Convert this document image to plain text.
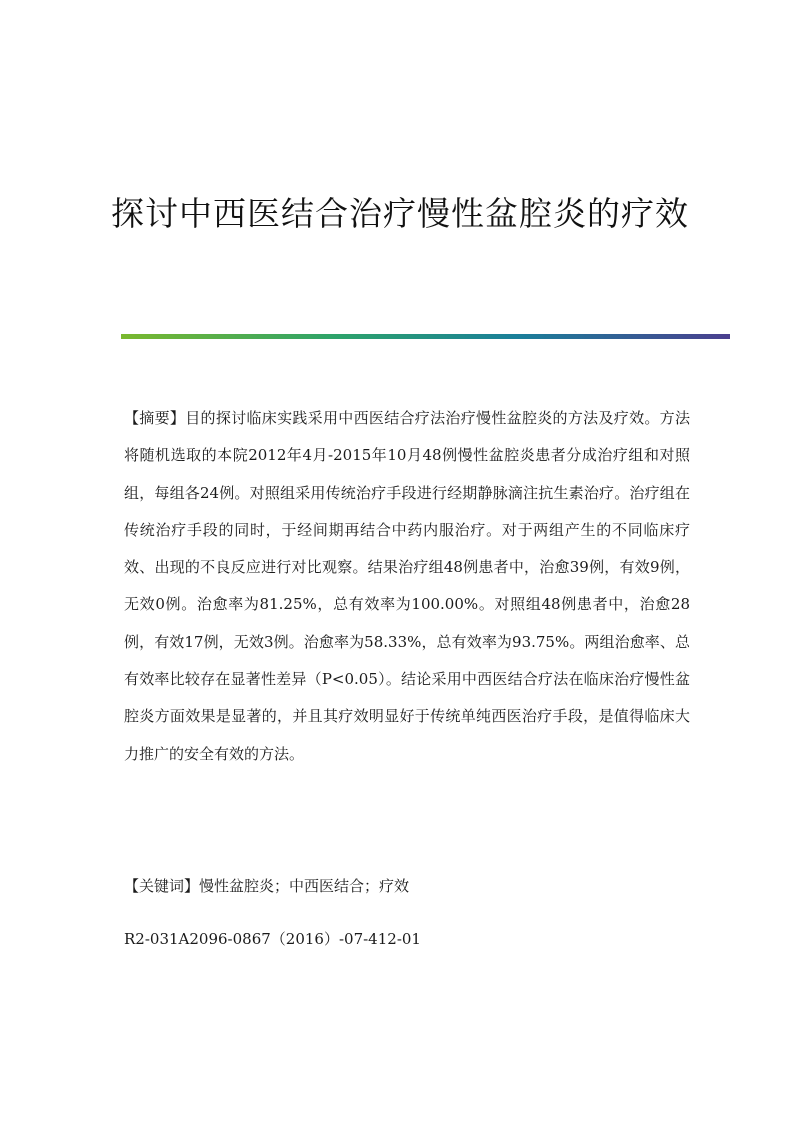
探讨中西医结合治疗慢性盆腔炎的疗效

【摘要】目的探讨临床实践采用中西医结合疗法治疗慢性盆腔炎的方法及疗效。方法将随机选取的本院2012年4月-2015年10月48例慢性盆腔炎患者分成治疗组和对照组，每组各24例。对照组采用传统治疗手段进行经期静脉滴注抗生素治疗。治疗组在传统治疗手段的同时，于经间期再结合中药内服治疗。对于两组产生的不同临床疗效、出现的不良反应进行对比观察。结果治疗组48例患者中，治愈39例，有效9例，无效0例。治愈率为81.25%，总有效率为100.00%。对照组48例患者中，治愈28例，有效17例，无效3例。治愈率为58.33%，总有效率为93.75%。两组治愈率、总有效率比较存在显著性差异（P<0.05）。结论采用中西医结合疗法在临床治疗慢性盆腔炎方面效果是显著的，并且其疗效明显好于传统单纯西医治疗手段，是值得临床大力推广的安全有效的方法。

【关键词】慢性盆腔炎；中西医结合；疗效

R2-031A2096-0867（2016）-07-412-01
